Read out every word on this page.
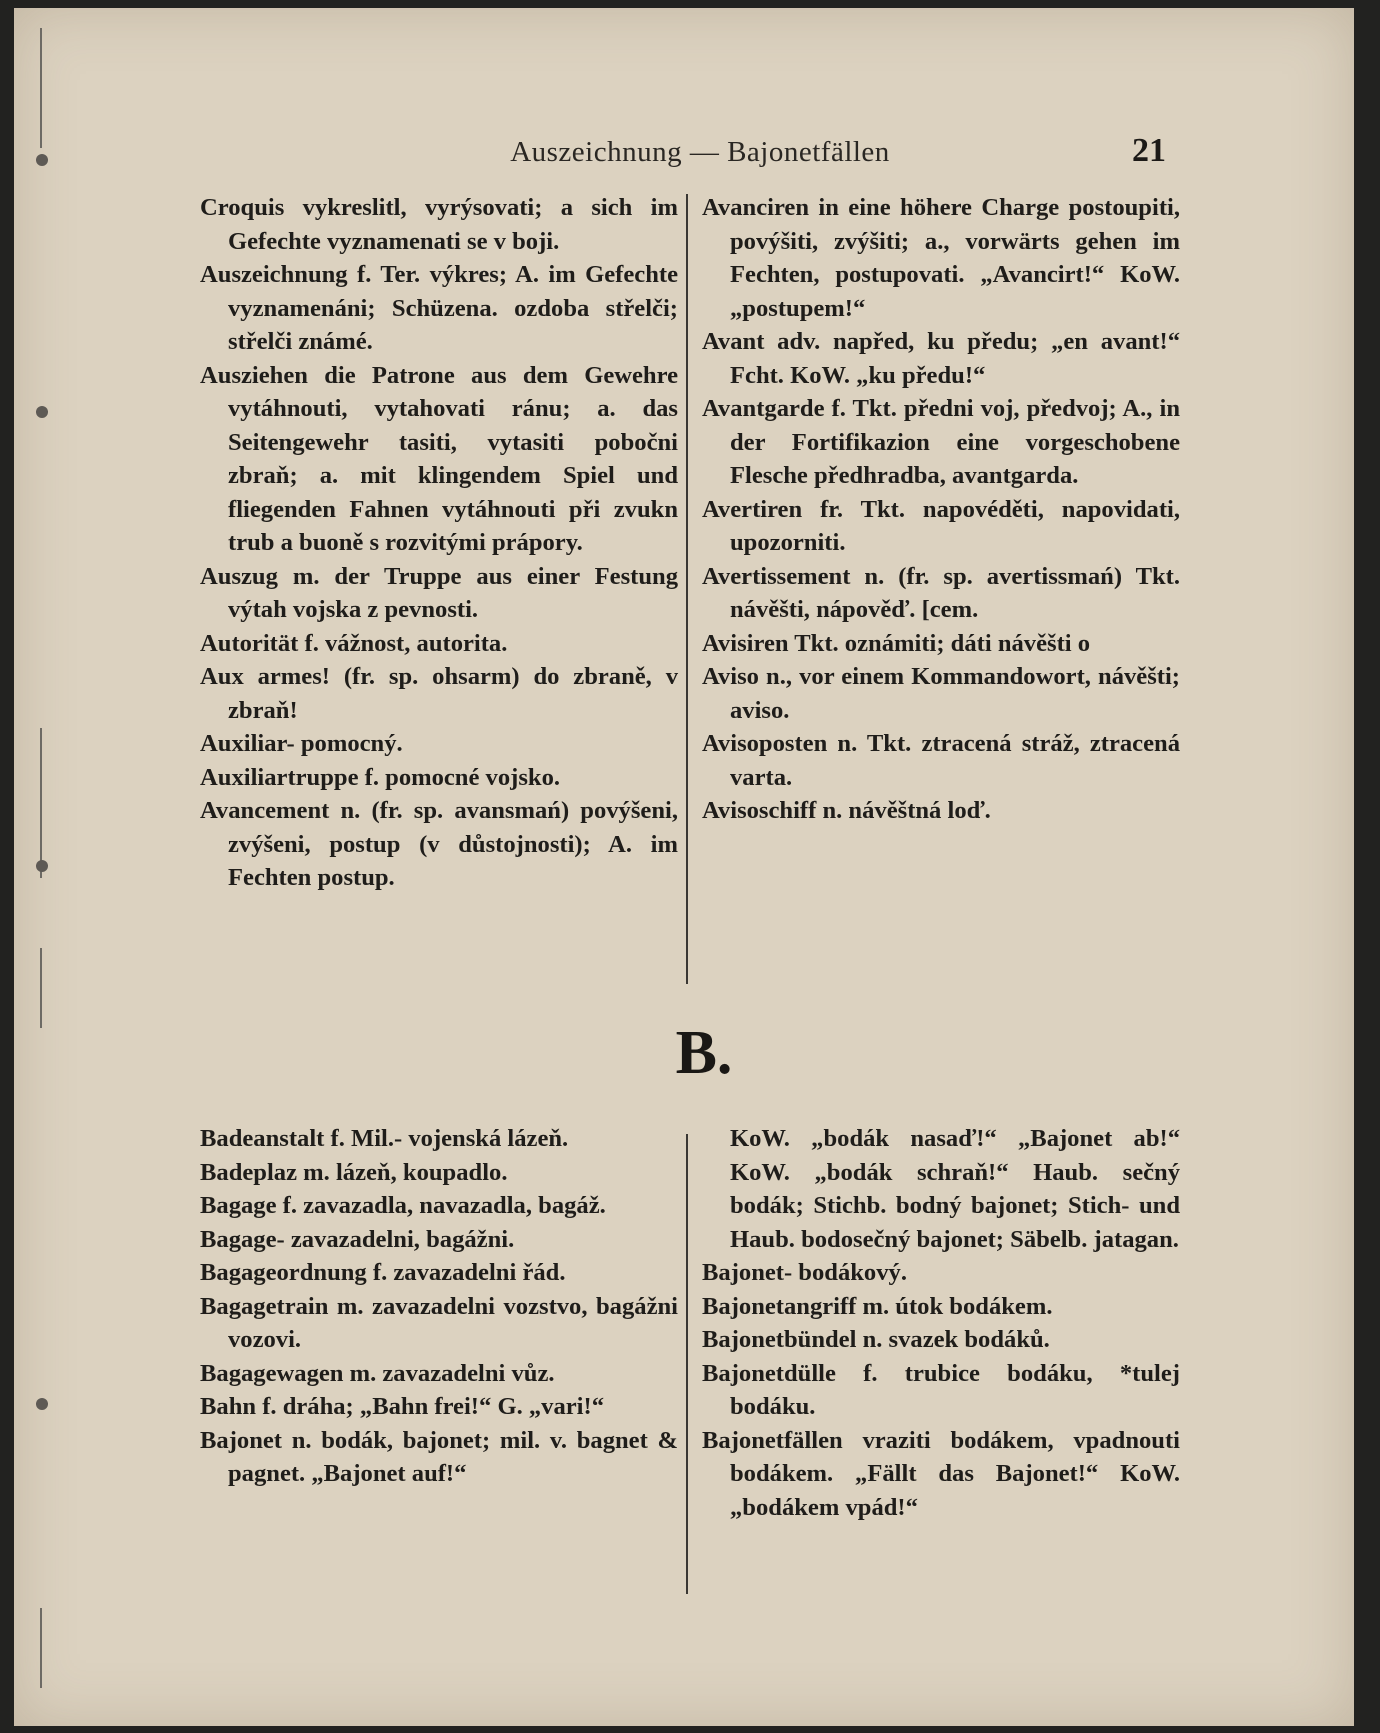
Auszeichnung — Bajonetfällen	21

Croquis vykreslitl, vyrýsovati; a sich im Gefechte vyznamenati se v boji.

Auszeichnung f. Ter. výkres; A. im Gefechte vyznamenáni; Schüzena. ozdoba střelči; střelči známé.

Ausziehen die Patrone aus dem Gewehre vytáhnouti, vytahovati ránu; a. das Seitengewehr tasiti, vytasiti pobočni zbraň; a. mit klingendem Spiel und fliegenden Fahnen vytáhnouti při zvukn trub a buoně s rozvitými prápory.

Auszug m. der Truppe aus einer Festung výtah vojska z pevnosti.

Autorität f. vážnost, autorita.

Aux armes! (fr. sp. ohsarm) do zbraně, v zbraň!

Auxiliar- pomocný.

Auxiliartruppe f. pomocné vojsko.

Avancement n. (fr. sp. avansmań) povýšeni, zvýšeni, postup (v důstojnosti); A. im Fechten postup.

Avanciren in eine höhere Charge postoupiti, povýšiti, zvýšiti; a., vorwärts gehen im Fechten, postupovati. „Avancirt!“ KoW. „postupem!“

Avant adv. napřed, ku předu; „en avant!“ Fcht. KoW. „ku předu!“

Avantgarde f. Tkt. předni voj, předvoj; A., in der Fortifikazion eine vorgeschobene Flesche předhradba, avantgarda.

Avertiren fr. Tkt. napovéděti, napovidati, upozorniti.

Avertissement n. (fr. sp. avertissmań) Tkt. návěšti, nápověď. [cem.

Avisiren Tkt. oznámiti; dáti návěšti o

Aviso n., vor einem Kommandowort, návěšti; aviso.

Avisoposten n. Tkt. ztracená stráž, ztracená varta.

Avisoschiff n. návěštná loď.

B.

Badeanstalt f. Mil.- vojenská lázeň.

Badeplaz m. lázeň, koupadlo.

Bagage f. zavazadla, navazadla, bagáž.

Bagage- zavazadelni, bagážni.

Bagageordnung f. zavazadelni řád.

Bagagetrain m. zavazadelni vozstvo, bagážni vozovi.

Bagagewagen m. zavazadelni vůz.

Bahn f. dráha; „Bahn frei!“ G. „vari!“

Bajonet n. bodák, bajonet; mil. v. bagnet & pagnet. „Bajonet auf!“

KoW. „bodák nasaď!“ „Bajonet ab!“ KoW. „bodák schraň!“ Haub. sečný bodák; Stichb. bodný bajonet; Stich- und Haub. bodosečný bajonet; Säbelb. jatagan.

Bajonet- bodákový.

Bajonetangriff m. útok bodákem.

Bajonetbündel n. svazek bodáků.

Bajonetdülle f. trubice bodáku, *tulej bodáku.

Bajonetfällen vraziti bodákem, vpadnouti bodákem. „Fällt das Bajonet!“ KoW. „bodákem vpád!“
